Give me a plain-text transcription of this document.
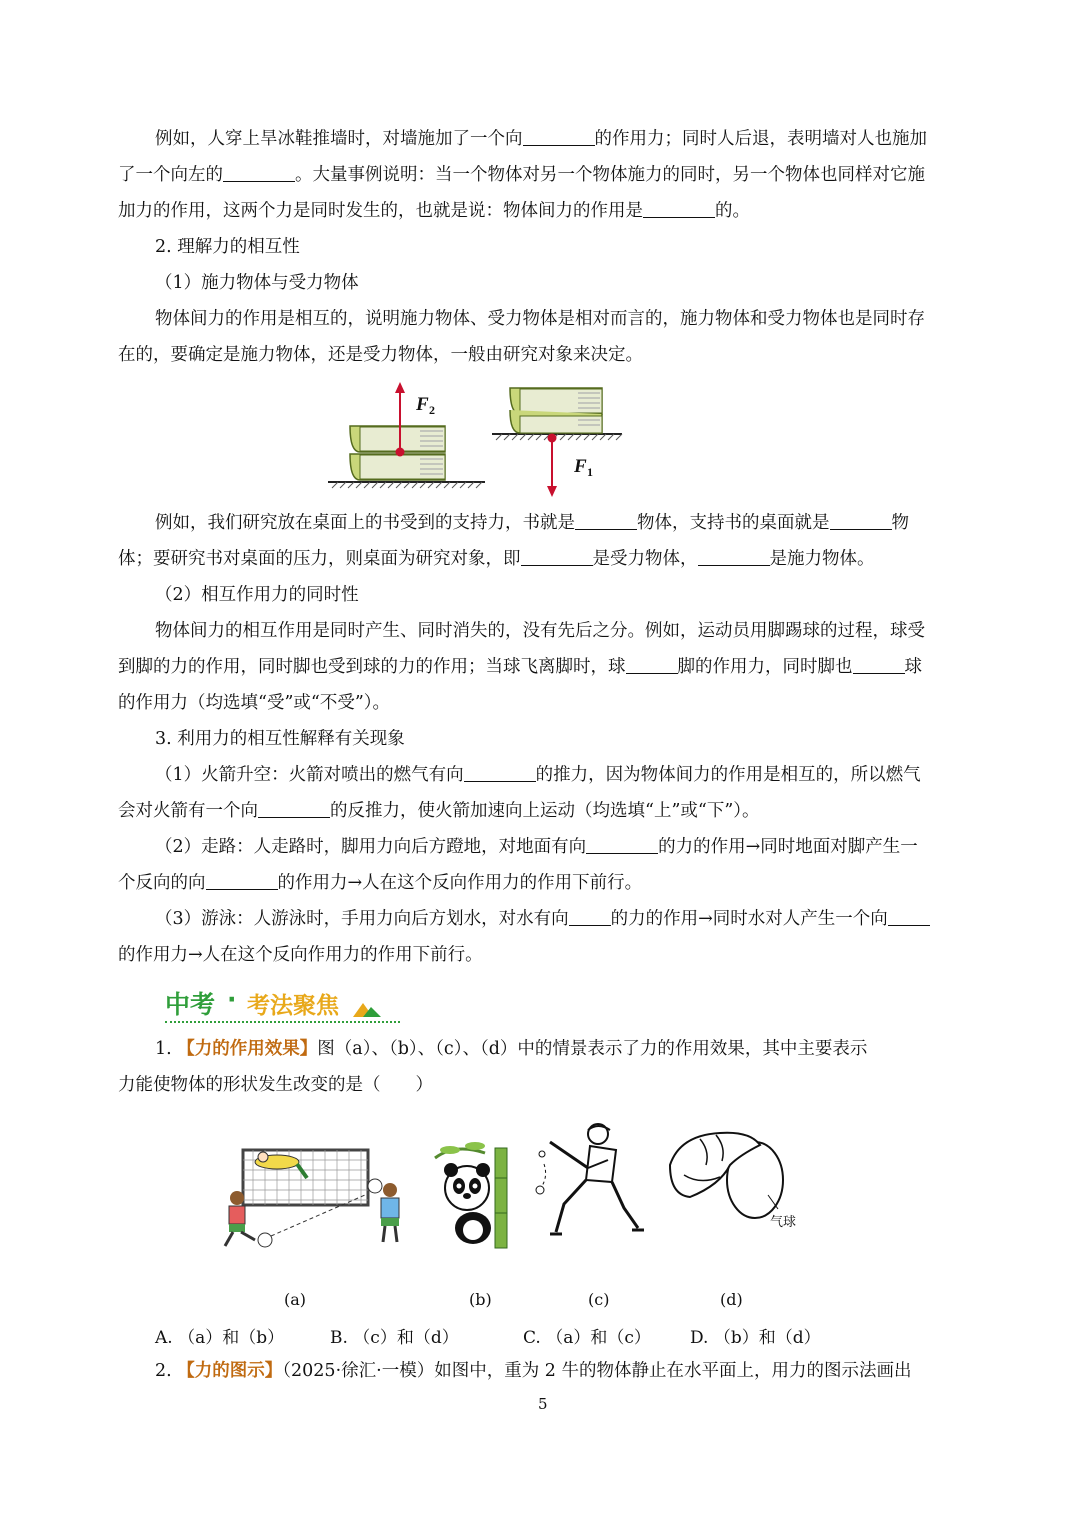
例如，人穿上旱冰鞋推墙时，对墙施加了一个向	的作用力；同时人后退，表明墙对人也施加
了一个向左的	。大量事例说明：当一个物体对另一个物体施力的同时，另一个物体也同样对它施
加力的作用，这两个力是同时发生的，也就是说：物体间力的作用是	的。
2. 理解力的相互性
（1）施力物体与受力物体
物体间力的作用是相互的，说明施力物体、受力物体是相对而言的，施力物体和受力物体也是同时存
在的，要确定是施力物体，还是受力物体，一般由研究对象来决定。
F 2
F 1
例如，我们研究放在桌面上的书受到的支持力，书就是	物体，支持书的桌面就是	物
体；要研究书对桌面的压力，则桌面为研究对象，即	是受力物体，	是施力物体。
（2）相互作用力的同时性
物体间力的相互作用是同时产生、同时消失的，没有先后之分。例如，运动员用脚踢球的过程，球受
到脚的力的作用，同时脚也受到球的力的作用；当球飞离脚时，球	脚的作用力，同时脚也	球
的作用力（均选填“受”或“不受”）。
3. 利用力的相互性解释有关现象
（1）火箭升空：火箭对喷出的燃气有向	的推力，因为物体间力的作用是相互的，所以燃气
会对火箭有一个向	的反推力，使火箭加速向上运动（均选填“上”或“下”）。
（2）走路：人走路时，脚用力向后方蹬地，对地面有向	的力的作用→同时地面对脚产生一
个反向的向	的作用力→人在这个反向作用力的作用下前行。
（3）游泳：人游泳时，手用力向后方划水，对水有向 的力的作用→同时水对人产生一个向
的作用力→人在这个反向作用力的作用下前行。
中考 · 考法聚焦
1. 【力的作用效果】图（a）、（b）、（c）、（d）中的情景表示了力的作用效果，其中主要表示
力能使物体的形状发生改变的是（　　）
气球
(a)	(b)	(c)	(d)
A. （a）和（b）	B. （c）和（d）	C. （a）和（c） D. （b）和（d）
2. 【力的图示】（2025·徐汇·一模）如图中，重为 2 牛的物体静止在水平面上，用力的图示法画出
5
